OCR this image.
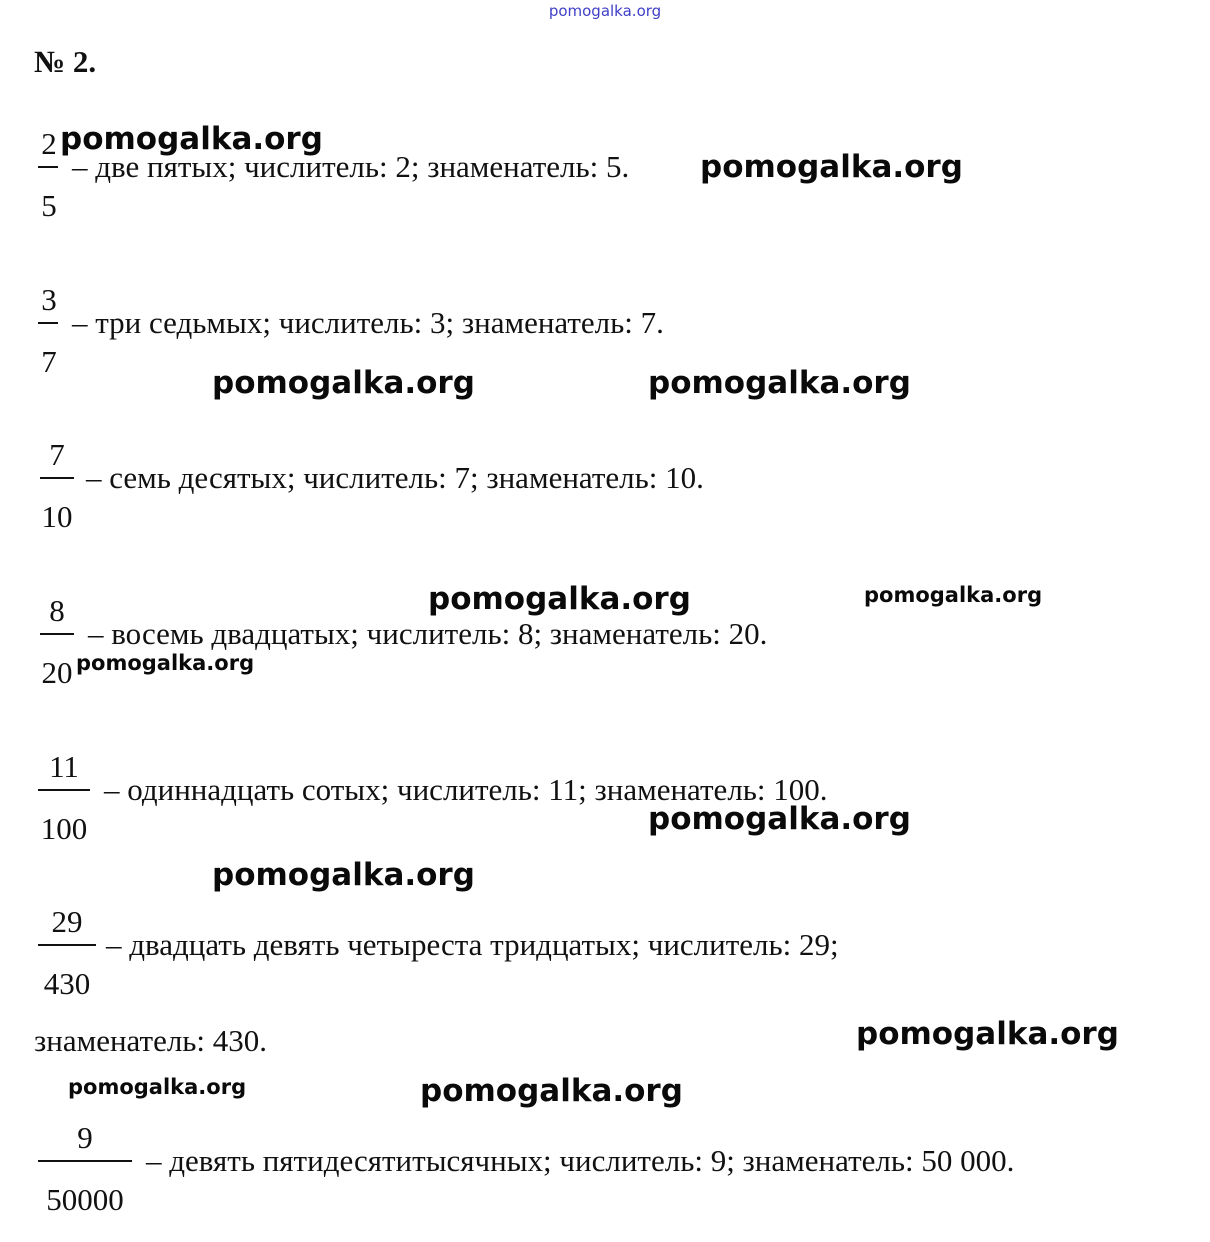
pomogalka.org
№ 2.
2
5
– две пятых; числитель: 2; знаменатель: 5.
3
7
– три седьмых; числитель: 3; знаменатель: 7.
7
10
– семь десятых; числитель: 7; знаменатель: 10.
8
20
– восемь двадцатых; числитель: 8; знаменатель: 20.
11
100
– одиннадцать сотых; числитель: 11; знаменатель: 100.
29
430
– двадцать девять четыреста тридцатых; числитель: 29;
знаменатель: 430.
9
50000
– девять пятидесятитысячных; числитель: 9; знаменатель: 50 000.
pomogalka.org
pomogalka.org
pomogalka.org	pomogalka.org
pomogalka.org	pomogalka.org
pomogalka.org
pomogalka.org
pomogalka.org
pomogalka.org
pomogalka.org	pomogalka.org
